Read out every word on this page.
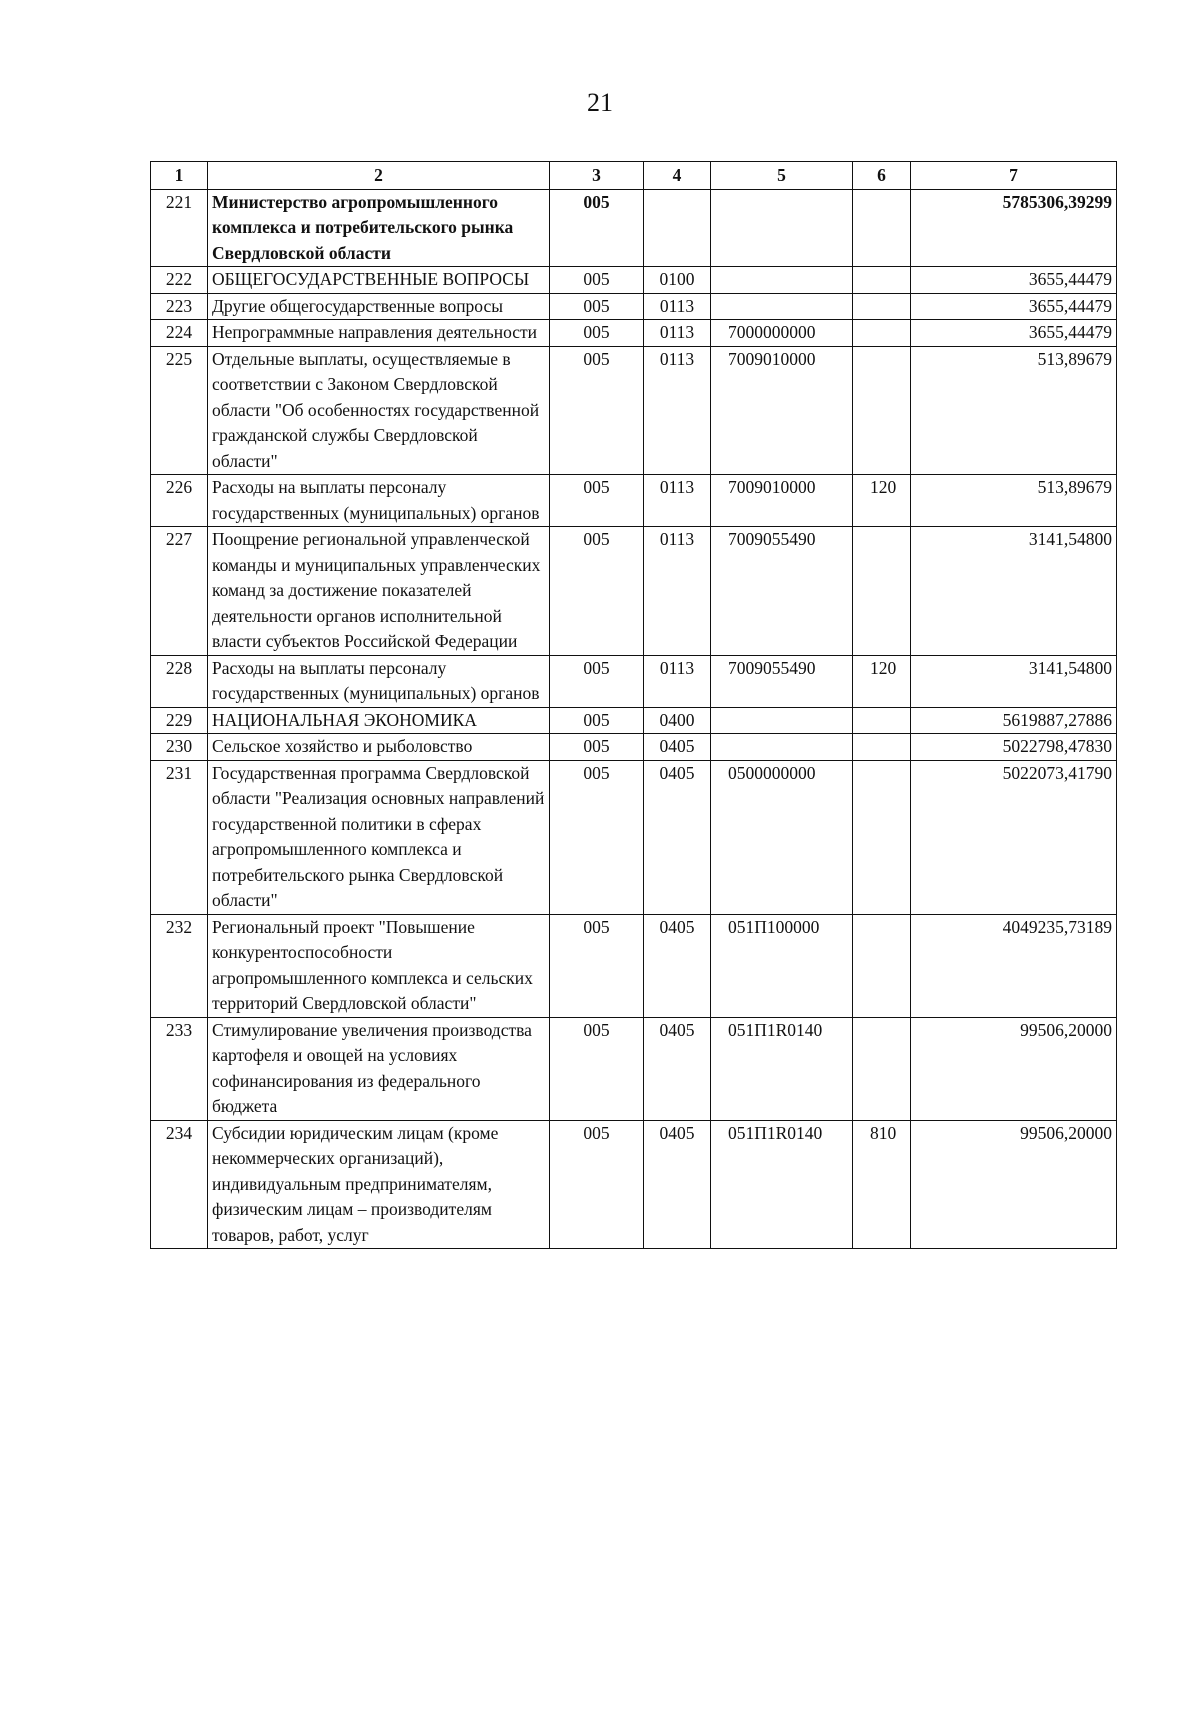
21
1	2	3	4	5	6	7
221	Министерство агропромышленного комплекса и потребительского рынка Свердловской области	005				5785306,39299
222	ОБЩЕГОСУДАРСТВЕННЫЕ ВОПРОСЫ	005	0100			3655,44479
223	Другие общегосударственные вопросы	005	0113			3655,44479
224	Непрограммные направления деятельности	005	0113	7000000000		3655,44479
225	Отдельные выплаты, осуществляемые в соответствии с Законом Свердловской области "Об особенностях государственной гражданской службы Свердловской области"	005	0113	7009010000		513,89679
226	Расходы на выплаты персоналу государственных (муниципальных) органов	005	0113	7009010000	120	513,89679
227	Поощрение региональной управленческой команды и муниципальных управленческих команд за достижение показателей деятельности органов исполнительной власти субъектов Российской Федерации	005	0113	7009055490		3141,54800
228	Расходы на выплаты персоналу государственных (муниципальных) органов	005	0113	7009055490	120	3141,54800
229	НАЦИОНАЛЬНАЯ ЭКОНОМИКА	005	0400			5619887,27886
230	Сельское хозяйство и рыболовство	005	0405			5022798,47830
231	Государственная программа Свердловской области "Реализация основных направлений государственной политики в сферах агропромышленного комплекса и потребительского рынка Свердловской области"	005	0405	0500000000		5022073,41790
232	Региональный проект "Повышение конкурентоспособности агропромышленного комплекса и сельских территорий Свердловской области"	005	0405	051П100000		4049235,73189
233	Стимулирование увеличения производства картофеля и овощей на условиях софинансирования из федерального бюджета	005	0405	051П1R0140		99506,20000
234	Субсидии юридическим лицам (кроме некоммерческих организаций), индивидуальным предпринимателям, физическим лицам – производителям товаров, работ, услуг	005	0405	051П1R0140	810	99506,20000
